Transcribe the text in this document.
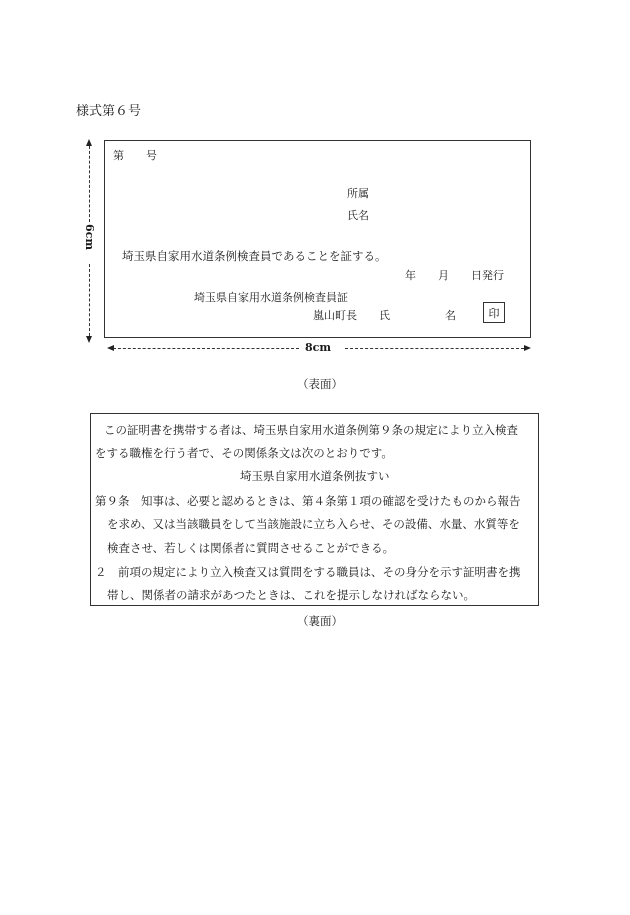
様式第６号
6cm
第　　号
所属
氏名
埼玉県自家用水道条例検査員であることを証する。
年　　月　　日発行
埼玉県自家用水道条例検査員証
嵐山町長　　氏　　　　　名	印
8cm
（表面）
この証明書を携帯する者は、埼玉県自家用水道条例第９条の規定により立入検査
をする職権を行う者で、その関係条文は次のとおりです。
埼玉県自家用水道条例抜すい
第９条　知事は、必要と認めるときは、第４条第１項の確認を受けたものから報告
を求め、又は当該職員をして当該施設に立ち入らせ、その設備、水量、水質等を
検査させ、若しくは関係者に質問させることができる。
２　前項の規定により立入検査又は質問をする職員は、その身分を示す証明書を携
帯し、関係者の請求があつたときは、これを提示しなければならない。
（裏面）
